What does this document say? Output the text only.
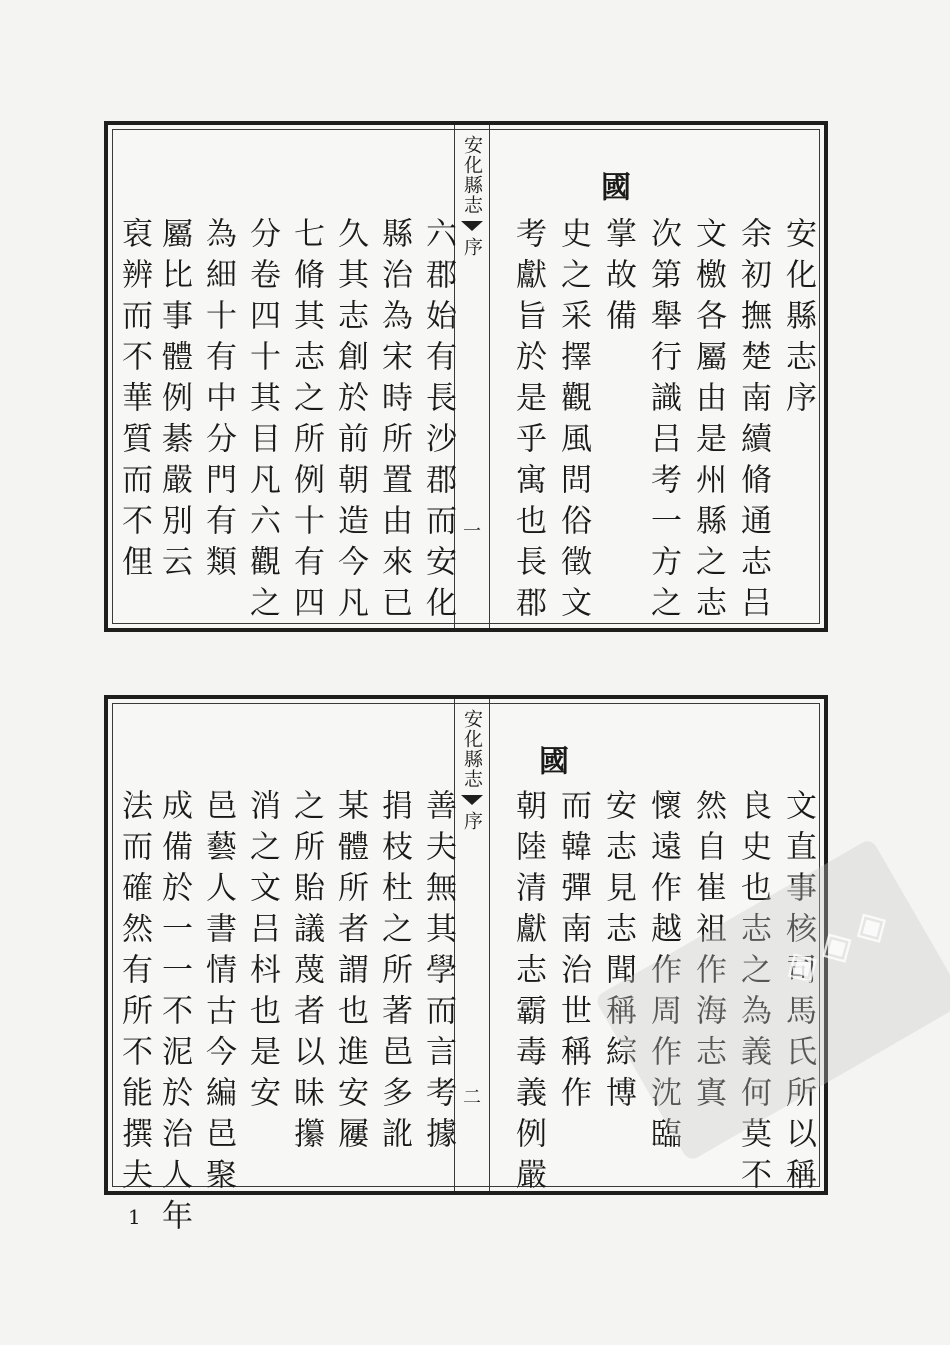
安化縣志
序
一
國
安化縣志序
余初撫楚南續脩通志吕
文檄各屬由是州縣之志
次第舉行識吕考一方之
掌故備
史之采擇觀風問俗徵文
考獻旨於是乎寓也長郡
六郡始有長沙郡而安化
縣治為宋時所置由來已
久其志創於前朝造今凡
七脩其志之所例十有四
分卷四十其目凡六觀之
為細十有中分門有類
屬比事體例綦嚴別云
裒辨而不華質而不俚
安化縣志
序
二
國
文直事核司馬氏所以稱
良史也志之為義何莫不
然自崔祖作海志寘
懷遠作越作周作沈臨
安志見志聞稱綜博
而韓彈南治世稱作
朝陸清獻志霸毒義例嚴
善夫無其學而言考據
捐枝杜之所著邑多訛
某體所者謂也進安屨
之所貽議蔑者以昧攥
消之文吕枓也是安
邑藝人書情古今編邑聚
成備於一一不泥於治人年
法而確然有所不能撰夫	◈◈◈
1
